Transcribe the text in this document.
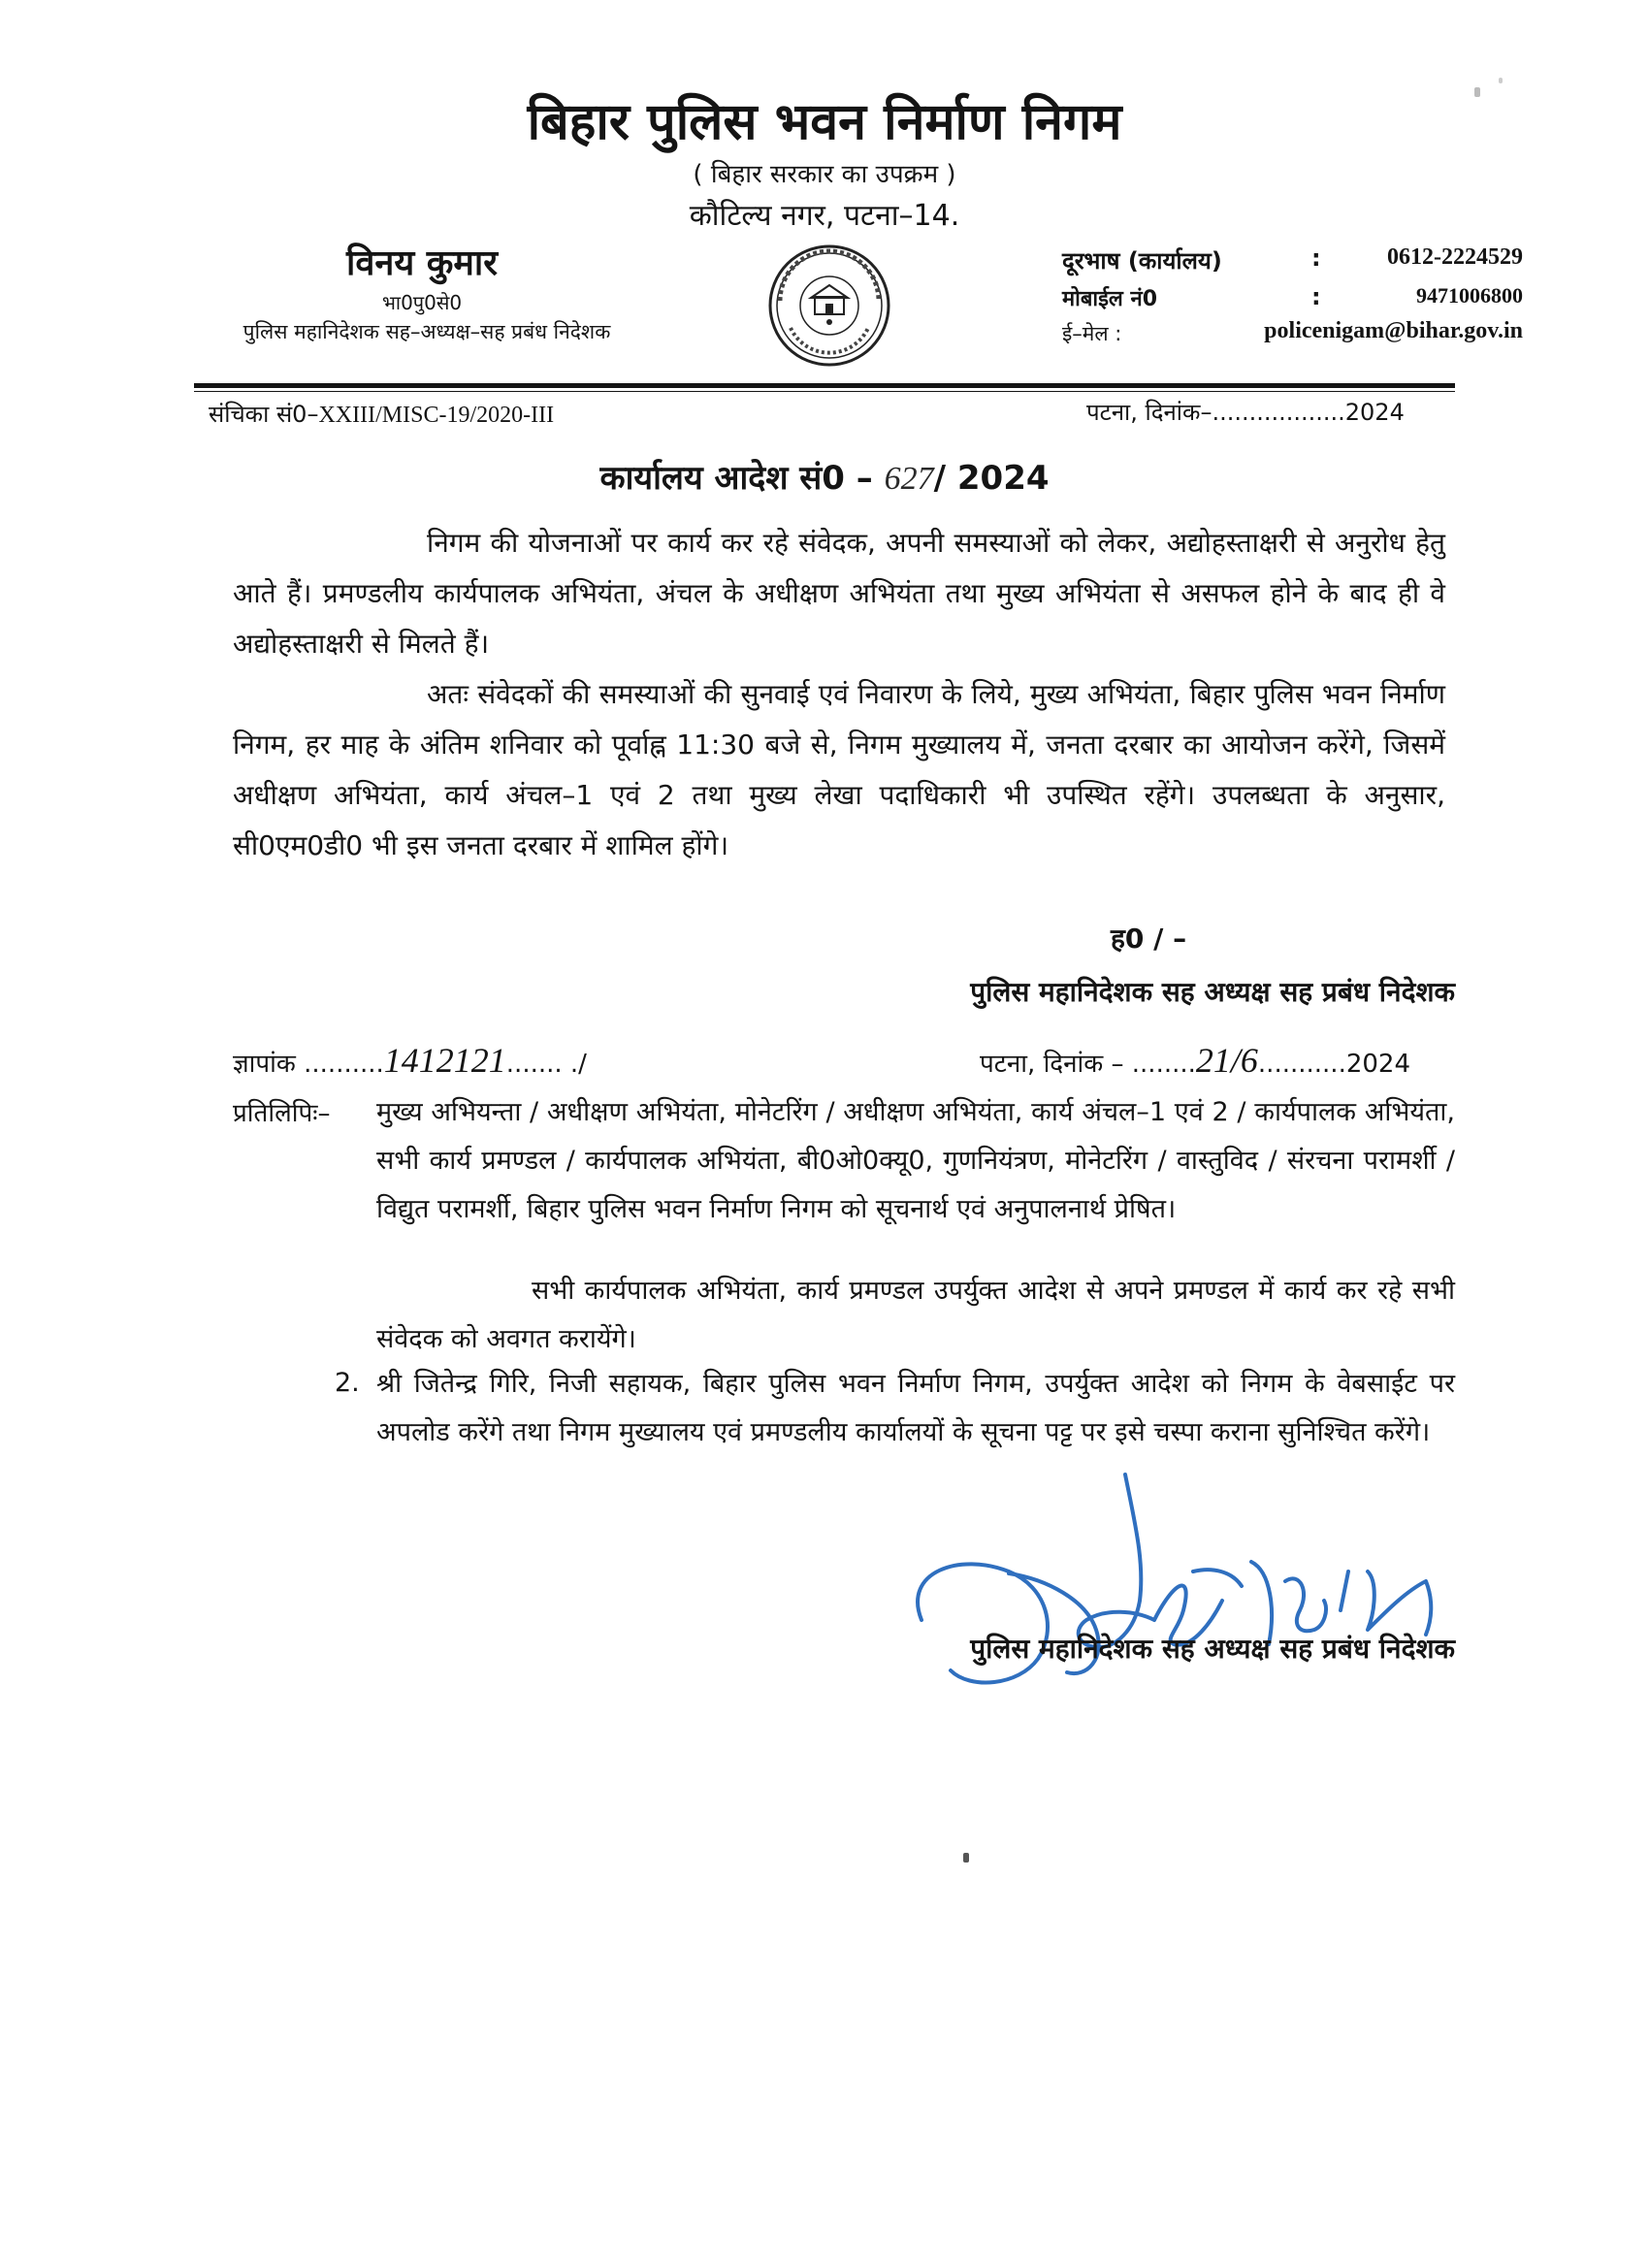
बिहार पुलिस भवन निर्माण निगम
( बिहार सरकार का उपक्रम )
कौटिल्य नगर, पटना–14.
विनय कुमार
भा0पु0से0
पुलिस महानिदेशक सह–अध्यक्ष–सह प्रबंध निदेशक
दूरभाष (कार्यालय)	:	0612-2224529
मोबाईल नं0	:	9471006800
ई–मेल :	policenigam@bihar.gov.in
संचिका सं0–XXIII/MISC-19/2020-III	पटना, दिनांक–..................2024
कार्यालय आदेश सं0 – 627/ 2024
निगम की योजनाओं पर कार्य कर रहे संवेदक, अपनी समस्याओं को लेकर, अद्योहस्ताक्षरी से अनुरोध हेतु आते हैं। प्रमण्डलीय कार्यपालक अभियंता, अंचल के अधीक्षण अभियंता तथा मुख्य अभियंता से असफल होने के बाद ही वे अद्योहस्ताक्षरी से मिलते हैं।
अतः संवेदकों की समस्याओं की सुनवाई एवं निवारण के लिये, मुख्य अभियंता, बिहार पुलिस भवन निर्माण निगम, हर माह के अंतिम शनिवार को पूर्वाह्न 11:30 बजे से, निगम मुख्यालय में, जनता दरबार का आयोजन करेंगे, जिसमें अधीक्षण अभियंता, कार्य अंचल–1 एवं 2 तथा मुख्य लेखा पदाधिकारी भी उपस्थित रहेंगे। उपलब्धता के अनुसार, सी0एम0डी0 भी इस जनता दरबार में शामिल होंगे।
ह0 / –
पुलिस महानिदेशक सह अध्यक्ष सह प्रबंध निदेशक
ज्ञापांक ..........1412121....... ./	पटना, दिनांक – ........21/6...........2024
प्रतिलिपिः– मुख्य अभियन्ता / अधीक्षण अभियंता, मोनेटरिंग / अधीक्षण अभियंता, कार्य अंचल–1 एवं 2 / कार्यपालक अभियंता, सभी कार्य प्रमण्डल / कार्यपालक अभियंता, बी0ओ0क्यू0, गुणनियंत्रण, मोनेटरिंग / वास्तुविद / संरचना परामर्शी / विद्युत परामर्शी, बिहार पुलिस भवन निर्माण निगम को सूचनार्थ एवं अनुपालनार्थ प्रेषित।
सभी कार्यपालक अभियंता, कार्य प्रमण्डल उपर्युक्त आदेश से अपने प्रमण्डल में कार्य कर रहे सभी संवेदक को अवगत करायेंगे।
2. श्री जितेन्द्र गिरि, निजी सहायक, बिहार पुलिस भवन निर्माण निगम, उपर्युक्त आदेश को निगम के वेबसाईट पर अपलोड करेंगे तथा निगम मुख्यालय एवं प्रमण्डलीय कार्यालयों के सूचना पट्ट पर इसे चस्पा कराना सुनिश्चित करेंगे।
पुलिस महानिदेशक सह अध्यक्ष सह प्रबंध निदेशक
